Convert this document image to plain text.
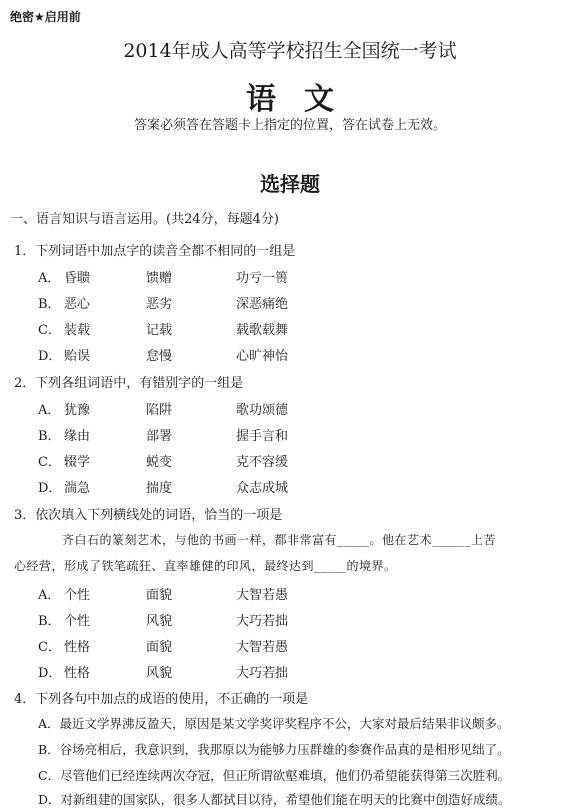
绝密★启用前
2014年成人高等学校招生全国统一考试
语文
答案必须答在答题卡上指定的位置，答在试卷上无效。
选择题
一、语言知识与语言运用。(共24分，每题4分)
1．下列词语中加点字的读音全都不相同的一组是
A． 昏聩	馈赠	功亏一篑
B． 恶心	恶劣	深恶痛绝
C． 装载	记载	载歌载舞
D． 贻误	怠慢	心旷神怡
2．下列各组词语中，有错别字的一组是
A． 犹豫	陷阱	歌功颂德
B． 缘由	部署	握手言和
C． 辍学	蜕变	克不容缓
D． 湍急	揣度	众志成城
3．依次填入下列横线处的词语，恰当的一项是
齐白石的篆刻艺术，与他的书画一样，都非常富有_____。他在艺术______上苦
心经营，形成了铁笔疏狂、直率雄健的印风，最终达到_____的境界。
A． 个性	面貌	大智若愚
B． 个性	风貌	大巧若拙
C． 性格	面貌	大智若愚
D． 性格	风貌	大巧若拙
4．下列各句中加点的成语的使用，不正确的一项是
A．最近文学界沸反盈天，原因是某文学奖评奖程序不公，大家对最后结果非议颇多。
B．谷场亮相后，我意识到，我那原以为能够力压群雄的参赛作品真的是相形见绌了。
C．尽管他们已经连续两次夺冠，但正所谓欲壑难填，他们仍希望能获得第三次胜利。
D．对新组建的国家队，很多人都拭目以待，希望他们能在明天的比赛中创造好成绩。
